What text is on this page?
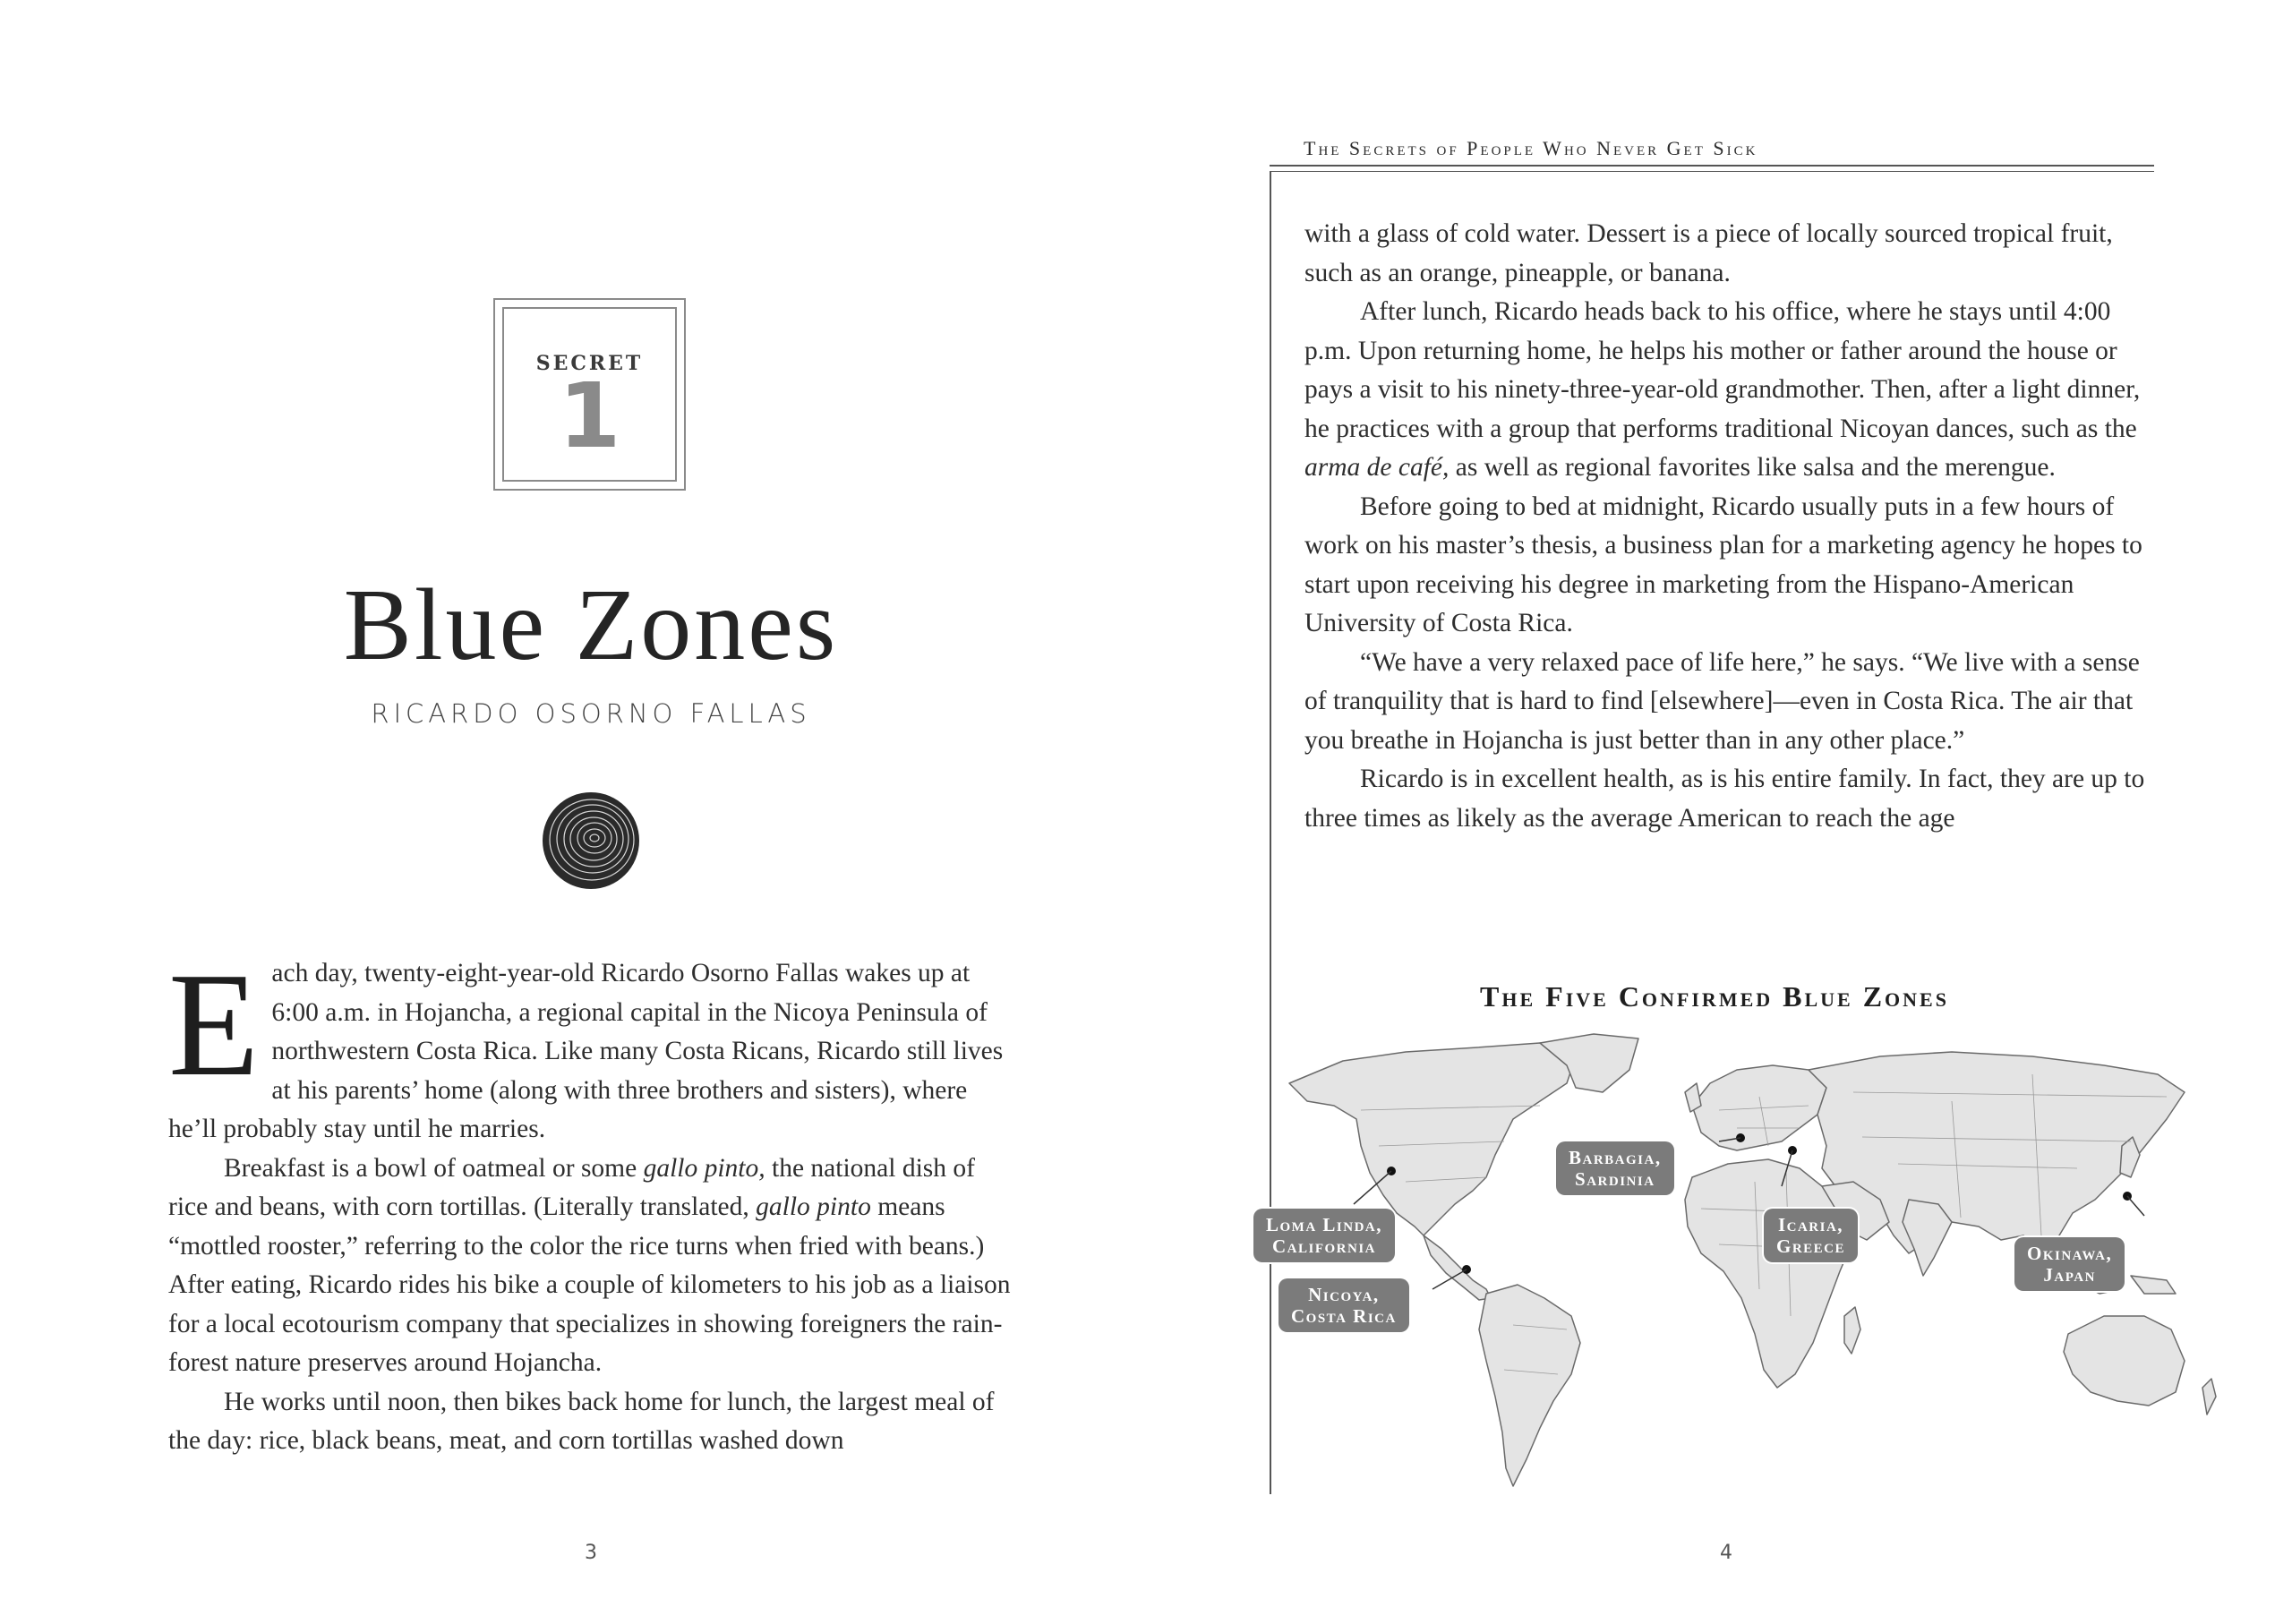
SECRET
1
Blue Zones
RICARDO OSORNO FALLAS

E ach day, twenty-eight-year-old Ricardo Osorno Fallas wakes up at 6:00 a.m. in Hojancha, a regional capital in the Nicoya Peninsula of northwestern Costa Rica. Like many Costa Ricans, Ricardo still lives at his parents’ home (along with three brothers and sisters), where he’ll probably stay until he marries.

Breakfast is a bowl of oatmeal or some gallo pinto, the national dish of rice and beans, with corn tortillas. (Literally translated, gallo pinto means “mottled rooster,” referring to the color the rice turns when fried with beans.) After eating, Ricardo rides his bike a couple of kilometers to his job as a liaison for a local ecotourism company that specializes in showing foreigners the rain-forest nature preserves around Hojancha.

He works until noon, then bikes back home for lunch, the largest meal of the day: rice, black beans, meat, and corn tortillas washed down

3
The Secrets of People Who Never Get Sick

with a glass of cold water. Dessert is a piece of locally sourced tropical fruit, such as an orange, pineapple, or banana.

After lunch, Ricardo heads back to his office, where he stays until 4:00 p.m. Upon returning home, he helps his mother or father around the house or pays a visit to his ninety-three-year-old grandmother. Then, after a light dinner, he practices with a group that performs traditional Nicoyan dances, such as the arma de café, as well as regional favorites like salsa and the merengue.

Before going to bed at midnight, Ricardo usually puts in a few hours of work on his master’s thesis, a business plan for a marketing agency he hopes to start upon receiving his degree in marketing from the Hispano-American University of Costa Rica.

“We have a very relaxed pace of life here,” he says. “We live with a sense of tranquility that is hard to find [elsewhere]—even in Costa Rica. The air that you breathe in Hojancha is just better than in any other place.”

Ricardo is in excellent health, as is his entire family. In fact, they are up to three times as likely as the average American to reach the age

The Five Confirmed Blue Zones
Loma Linda,
California
Nicoya,
Costa Rica
Barbagia,
Sardinia
Icaria,
Greece	Okinawa,
Japan
4
